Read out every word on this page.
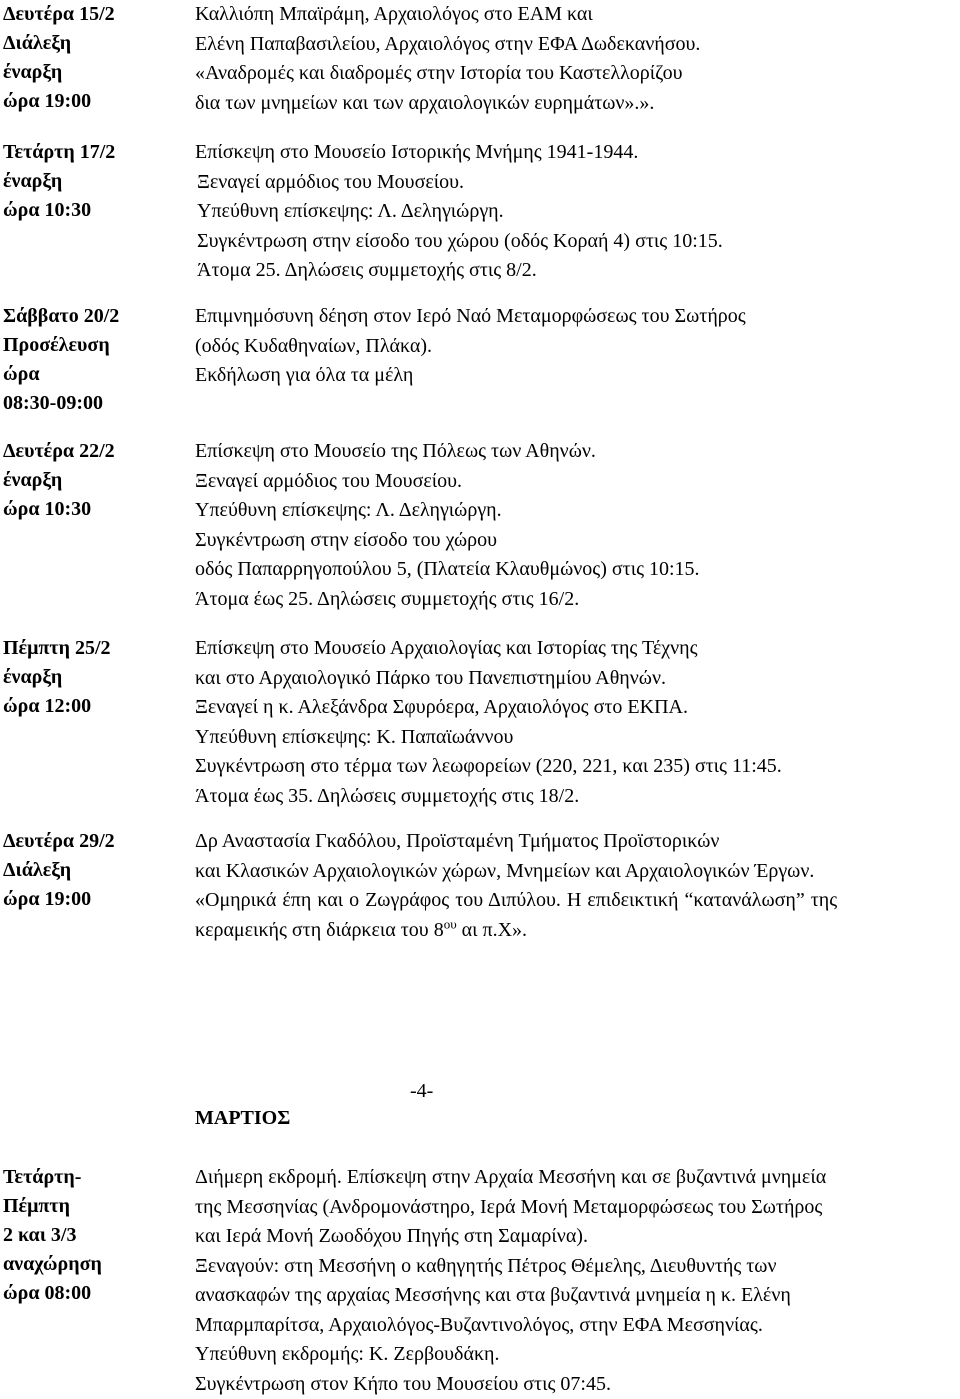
Δευτέρα 15/2
Διάλεξη
έναρξη
ώρα 19:00
Καλλιόπη Μπαϊράμη, Αρχαιολόγος στο ΕΑΜ και
Ελένη Παπαβασιλείου, Αρχαιολόγος στην ΕΦΑ Δωδεκανήσου.
«Αναδρομές και διαδρομές στην Ιστορία του Καστελλορίζου
δια των μνημείων και των αρχαιολογικών ευρημάτων».».
Τετάρτη 17/2
έναρξη
ώρα 10:30
Επίσκεψη στο Μουσείο Ιστορικής Μνήμης 1941-1944.
Ξεναγεί αρμόδιος του Μουσείου.
Υπεύθυνη επίσκεψης: Λ. Δεληγιώργη.
Συγκέντρωση στην είσοδο του χώρου (οδός Κοραή 4) στις 10:15.
Άτομα 25. Δηλώσεις συμμετοχής στις 8/2.
Σάββατο 20/2
Προσέλευση
ώρα
08:30-09:00
Επιμνημόσυνη δέηση στον Ιερό Ναό Μεταμορφώσεως του Σωτήρος
(οδός Κυδαθηναίων, Πλάκα).
Εκδήλωση για όλα τα μέλη
Δευτέρα 22/2
έναρξη
ώρα 10:30
Επίσκεψη στο Μουσείο της Πόλεως των Αθηνών.
Ξεναγεί αρμόδιος του Μουσείου.
Υπεύθυνη επίσκεψης: Λ. Δεληγιώργη.
Συγκέντρωση στην είσοδο του χώρου
οδός Παπαρρηγοπούλου 5, (Πλατεία Κλαυθμώνος) στις 10:15.
Άτομα έως 25. Δηλώσεις συμμετοχής στις 16/2.
Πέμπτη 25/2
έναρξη
ώρα 12:00
Επίσκεψη στο Μουσείο Αρχαιολογίας και Ιστορίας της Τέχνης
και στο Αρχαιολογικό Πάρκο του Πανεπιστημίου Αθηνών.
Ξεναγεί η κ. Αλεξάνδρα Σφυρόερα, Αρχαιολόγος στο ΕΚΠΑ.
Υπεύθυνη επίσκεψης: Κ. Παπαϊωάννου
Συγκέντρωση στο τέρμα των λεωφορείων (220, 221, και 235) στις 11:45.
Άτομα έως 35. Δηλώσεις συμμετοχής στις 18/2.
Δευτέρα 29/2
Διάλεξη
ώρα 19:00
Δρ Αναστασία Γκαδόλου, Προϊσταμένη Τμήματος Προϊστορικών
και Κλασικών Αρχαιολογικών χώρων, Μνημείων και Αρχαιολογικών Έργων.
«Ομηρικά έπη και ο Ζωγράφος του Διπύλου. Η επιδεικτική “κατανάλωση” της
κεραμεικής στη διάρκεια του $8^{o\upsilon}$ αι π.Χ».
-4-
ΜΑΡΤΙΟΣ
Τετάρτη-
Πέμπτη
2 και 3/3
αναχώρηση
ώρα 08:00
Διήμερη εκδρομή. Επίσκεψη στην Αρχαία Μεσσήνη και σε βυζαντινά μνημεία
της Μεσσηνίας (Ανδρομονάστηρο, Ιερά Μονή Μεταμορφώσεως του Σωτήρος
και Ιερά Μονή Ζωοδόχου Πηγής στη Σαμαρίνα).
Ξεναγούν: στη Μεσσήνη ο καθηγητής Πέτρος Θέμελης, Διευθυντής των
ανασκαφών της αρχαίας Μεσσήνης και στα βυζαντινά μνημεία η κ. Ελένη
Μπαρμπαρίτσα, Αρχαιολόγος-Βυζαντινολόγος, στην ΕΦΑ Μεσσηνίας.
Υπεύθυνη εκδρομής: Κ. Ζερβουδάκη.
Συγκέντρωση στον Κήπο του Μουσείου στις 07:45.
